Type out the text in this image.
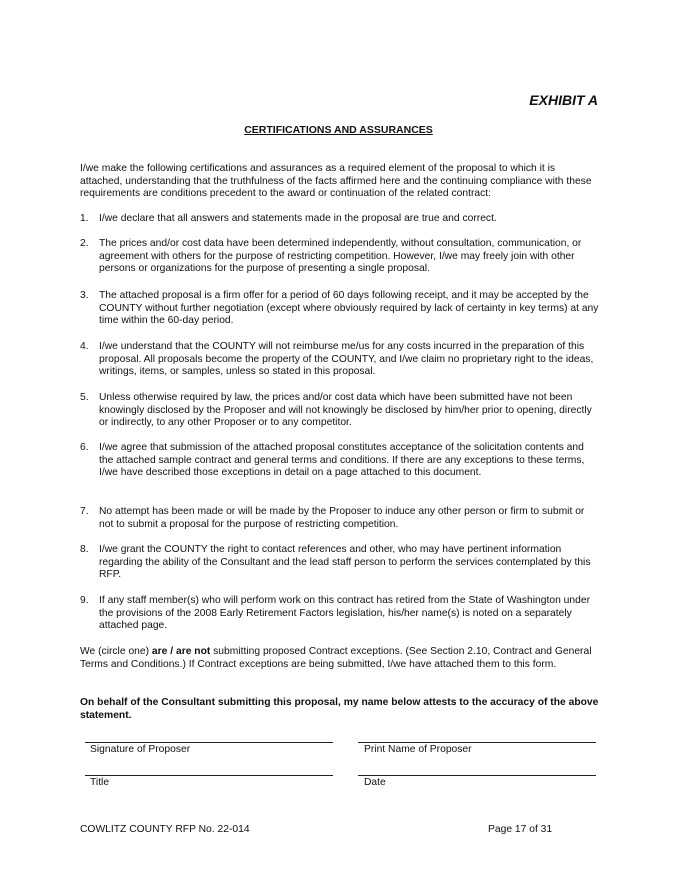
EXHIBIT A
CERTIFICATIONS AND ASSURANCES

I/we make the following certifications and assurances as a required element of the proposal to which it is attached, understanding that the truthfulness of the facts affirmed here and the continuing compliance with these requirements are conditions precedent to the award or continuation of the related contract:

1.	I/we declare that all answers and statements made in the proposal are true and correct.
2.	The prices and/or cost data have been determined independently, without consultation, communication, or agreement with others for the purpose of restricting competition. However, I/we may freely join with other persons or organizations for the purpose of presenting a single proposal.
3.	The attached proposal is a firm offer for a period of 60 days following receipt, and it may be accepted by the COUNTY without further negotiation (except where obviously required by lack of certainty in key terms) at any time within the 60-day period.
4.	I/we understand that the COUNTY will not reimburse me/us for any costs incurred in the preparation of this proposal. All proposals become the property of the COUNTY, and I/we claim no proprietary right to the ideas, writings, items, or samples, unless so stated in this proposal.
5.	Unless otherwise required by law, the prices and/or cost data which have been submitted have not been knowingly disclosed by the Proposer and will not knowingly be disclosed by him/her prior to opening, directly or indirectly, to any other Proposer or to any competitor.
6.	I/we agree that submission of the attached proposal constitutes acceptance of the solicitation contents and the attached sample contract and general terms and conditions. If there are any exceptions to these terms, I/we have described those exceptions in detail on a page attached to this document.
7.	No attempt has been made or will be made by the Proposer to induce any other person or firm to submit or not to submit a proposal for the purpose of restricting competition.
8.	I/we grant the COUNTY the right to contact references and other, who may have pertinent information regarding the ability of the Consultant and the lead staff person to perform the services contemplated by this RFP.
9.	If any staff member(s) who will perform work on this contract has retired from the State of Washington under the provisions of the 2008 Early Retirement Factors legislation, his/her name(s) is noted on a separately attached page.
We (circle one) are / are not submitting proposed Contract exceptions. (See Section 2.10, Contract and General Terms and Conditions.) If Contract exceptions are being submitted, I/we have attached them to this form.
On behalf of the Consultant submitting this proposal, my name below attests to the accuracy of the above statement.
Signature of Proposer	Print Name of Proposer
Title	Date
COWLITZ COUNTY RFP No. 22-014	Page 17 of 31
